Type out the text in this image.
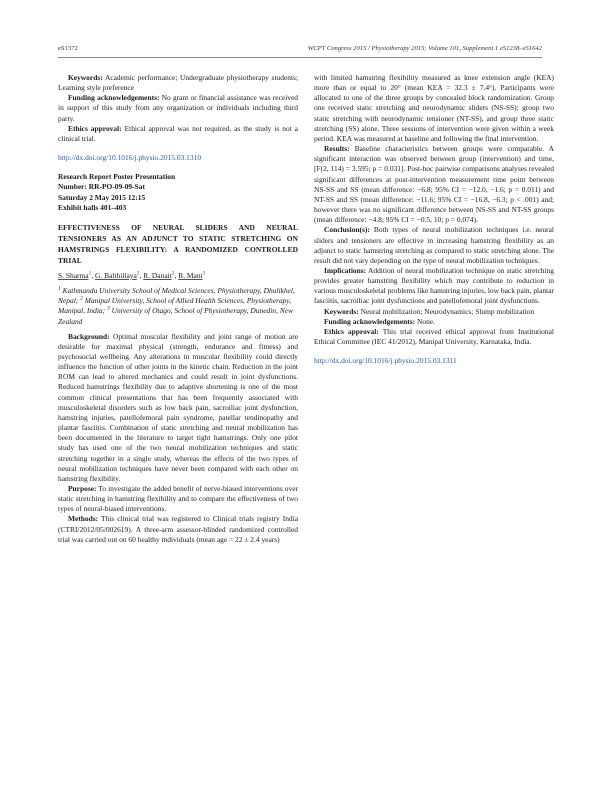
eS1372	WCPT Congress 2015 / Physiotherapy 2015; Volume 101, Supplement 1 eS1238–eS1642

Keywords: Academic performance; Undergraduate physiotherapy students; Learning style preference

Funding acknowledgements: No grant or financial assistance was received in support of this study from any organization or individuals including third party.

Ethics approval: Ethical approval was not required, as the study is not a clinical trial.

http://dx.doi.org/10.1016/j.physio.2015.03.1310

Research Report Poster Presentation

Number: RR-PO-09-09-Sat

Saturday 2 May 2015 12:15

Exhibit halls 401–403

EFFECTIVENESS OF NEURAL SLIDERS AND NEURAL TENSIONERS AS AN ADJUNCT TO STATIC STRETCHING ON HAMSTRINGS FLEXIBILITY: A RANDOMIZED CONTROLLED TRIAL

S. Sharma$^1$, G. Balthillaya$^2$, R. Danait$^2$, R. Mani$^3$

$^1$ Kathmandu University School of Medical Sciences, Physiotherapy, Dhulikhel, Nepal; $^2$ Manipal University, School of Allied Health Sciences, Physiotherapy, Manipal, India; $^3$ University of Otago, School of Physiotherapy, Dunedin, New Zealand

Background: Optimal muscular flexibility and joint range of motion are desirable for maximal physical (strength, endurance and fitness) and psychosocial wellbeing. Any alterations in muscular flexibility could directly influence the function of other joints in the kinetic chain. Reduction in the joint ROM can lead to altered mechanics and could result in joint dysfunctions. Reduced hamstrings flexibility due to adaptive shortening is one of the most common clinical presentations that has been frequently associated with musculoskeletal disorders such as low back pain, sacroiliac joint dysfunction, hamstring injuries, patellofemoral pain syndrome, patellar tendinopathy and plantar fasciitis. Combination of static stretching and neural mobilization has been documented in the literature to target tight hamstrings. Only one pilot study has used one of the two neural mobilization techniques and static stretching together in a single study, whereas the effects of the two types of neural mobilization techniques have never been compared with each other on hamstring flexibility.

Purpose: To investigate the added benefit of nerve-biased interventions over static stretching in hamstring flexibility and to compare the effectiveness of two types of neural-biased interventions.

Methods: This clinical trial was registered to Clinical trials registry India (CTRI/2012/05/002619). A three-arm assessor-blinded randomized controlled trial was carried out on 60 healthy individuals (mean age = 22 ± 2.4 years)

with limited hamstring flexibility measured as knee extension angle (KEA) more than or equal to 20° (mean KEA = 32.3 ± 7.4°). Participants were allocated to one of the three groups by concealed block randomization. Group one received static stretching and neurodynamic sliders (NS-SS); group two static stretching with neurodynamic tensioner (NT-SS), and group three static stretching (SS) alone. Three sessions of intervention were given within a week period. KEA was measured at baseline and following the final intervention.

Results: Baseline characteristics between groups were comparable. A significant interaction was observed between group (intervention) and time, [F(2, 114) = 3.595; p = 0.031]. Post-hoc pairwise comparisons analyses revealed significant differences at post-intervention measurement time point between NS-SS and SS (mean difference: −6.8; 95% CI = −12.0, −1.6; p = 0.011) and NT-SS and SS (mean difference: −11.6; 95% CI = −16.8, −6.3; p < .001) and; however there was no significant difference between NS-SS and NT-SS groups (mean difference: −4.8; 95% CI = −0.5, 10; p = 0.074).

Conclusion(s): Both types of neural mobilization techniques i.e. neural sliders and tensioners are effective in increasing hamstring flexibility as an adjunct to static hamstring stretching as compared to static stretching alone. The result did not vary depending on the type of neural mobilization techniques.

Implications: Addition of neural mobilization technique on static stretching provides greater hamstring flexibility which may contribute to reduction in various musculoskeletal problems like hamstring injuries, low back pain, plantar fasciitis, sacroiliac joint dysfunctions and patellofemoral joint dysfunctions.

Keywords: Neural mobilization; Neurodynamics; Slump mobilization

Funding acknowledgements: None.

Ethics approval: This trial received ethical approval from Institutional Ethical Committee (IEC 41/2012), Manipal University, Karnataka, India.

http://dx.doi.org/10.1016/j.physio.2015.03.1311
